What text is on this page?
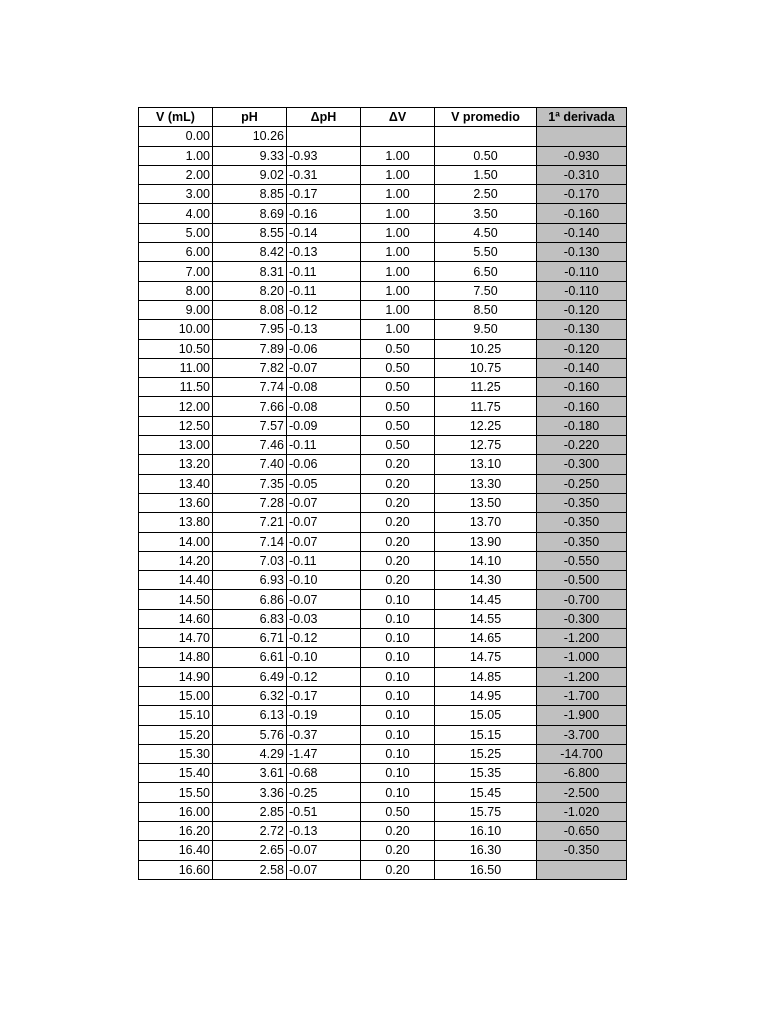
V (mL)	pH	ΔpH	ΔV	V promedio	1ª derivada
0.00	10.26				
1.00	9.33	-0.93	1.00	0.50	-0.930
2.00	9.02	-0.31	1.00	1.50	-0.310
3.00	8.85	-0.17	1.00	2.50	-0.170
4.00	8.69	-0.16	1.00	3.50	-0.160
5.00	8.55	-0.14	1.00	4.50	-0.140
6.00	8.42	-0.13	1.00	5.50	-0.130
7.00	8.31	-0.11	1.00	6.50	-0.110
8.00	8.20	-0.11	1.00	7.50	-0.110
9.00	8.08	-0.12	1.00	8.50	-0.120
10.00	7.95	-0.13	1.00	9.50	-0.130
10.50	7.89	-0.06	0.50	10.25	-0.120
11.00	7.82	-0.07	0.50	10.75	-0.140
11.50	7.74	-0.08	0.50	11.25	-0.160
12.00	7.66	-0.08	0.50	11.75	-0.160
12.50	7.57	-0.09	0.50	12.25	-0.180
13.00	7.46	-0.11	0.50	12.75	-0.220
13.20	7.40	-0.06	0.20	13.10	-0.300
13.40	7.35	-0.05	0.20	13.30	-0.250
13.60	7.28	-0.07	0.20	13.50	-0.350
13.80	7.21	-0.07	0.20	13.70	-0.350
14.00	7.14	-0.07	0.20	13.90	-0.350
14.20	7.03	-0.11	0.20	14.10	-0.550
14.40	6.93	-0.10	0.20	14.30	-0.500
14.50	6.86	-0.07	0.10	14.45	-0.700
14.60	6.83	-0.03	0.10	14.55	-0.300
14.70	6.71	-0.12	0.10	14.65	-1.200
14.80	6.61	-0.10	0.10	14.75	-1.000
14.90	6.49	-0.12	0.10	14.85	-1.200
15.00	6.32	-0.17	0.10	14.95	-1.700
15.10	6.13	-0.19	0.10	15.05	-1.900
15.20	5.76	-0.37	0.10	15.15	-3.700
15.30	4.29	-1.47	0.10	15.25	-14.700
15.40	3.61	-0.68	0.10	15.35	-6.800
15.50	3.36	-0.25	0.10	15.45	-2.500
16.00	2.85	-0.51	0.50	15.75	-1.020
16.20	2.72	-0.13	0.20	16.10	-0.650
16.40	2.65	-0.07	0.20	16.30	-0.350
16.60	2.58	-0.07	0.20	16.50	
